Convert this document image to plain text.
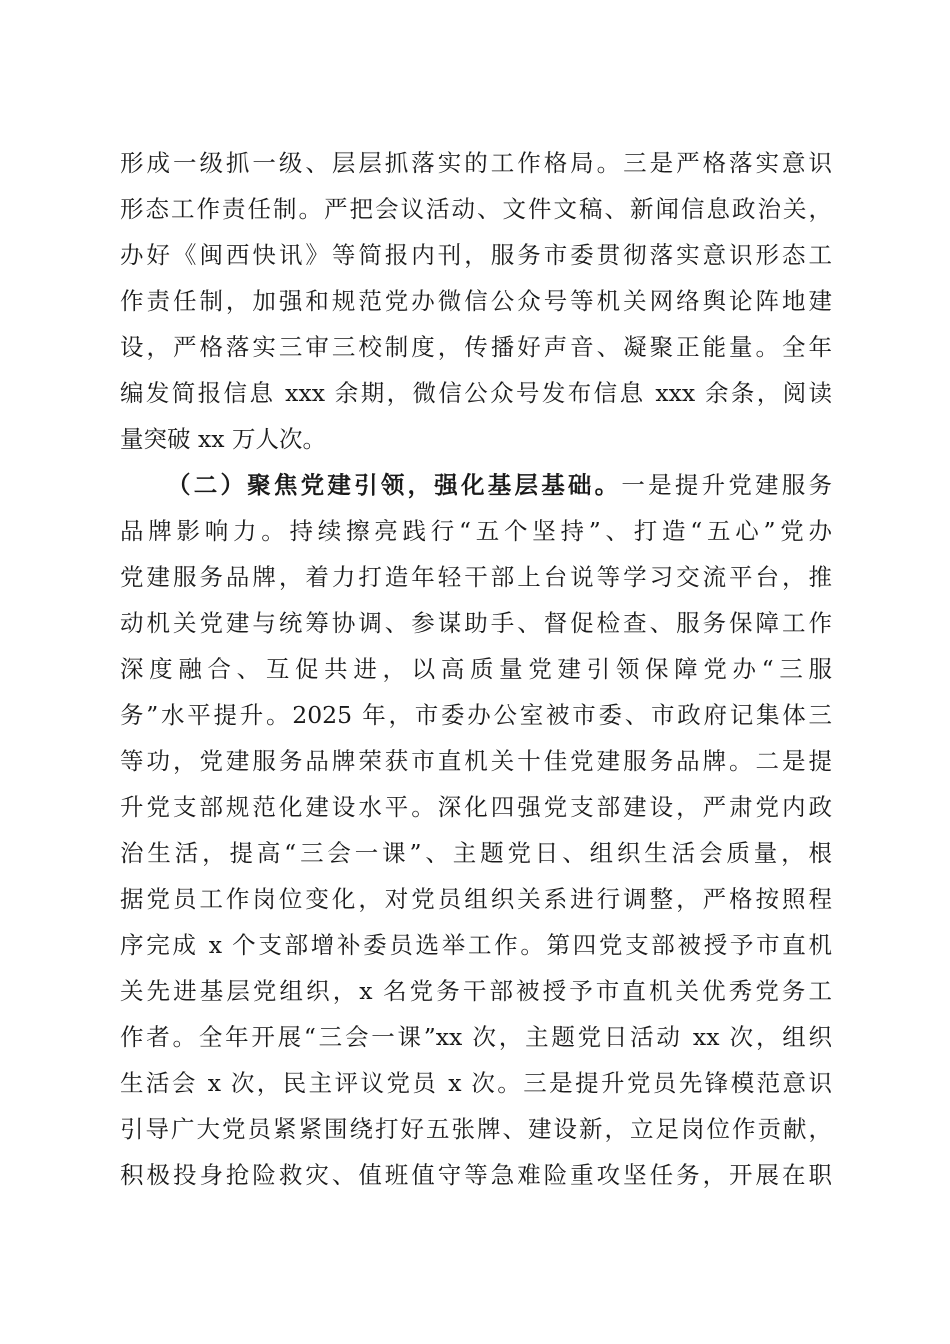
形成一级抓一级、层层抓落实的工作格局。三是严格落实意识
形态工作责任制。严把会议活动、文件文稿、新闻信息政治关，
办好《闽西快讯》等简报内刊，服务市委贯彻落实意识形态工
作责任制，加强和规范党办微信公众号等机关网络舆论阵地建
设，严格落实三审三校制度，传播好声音、凝聚正能量。全年
编发简报信息 xxx 余期，微信公众号发布信息 xxx 余条，阅读
量突破 xx 万人次。
（二）聚焦党建引领，强化基层基础。一是提升党建服务
品牌影响力。持续擦亮践行“五个坚持”、打造“五心”党办
党建服务品牌，着力打造年轻干部上台说等学习交流平台，推
动机关党建与统筹协调、参谋助手、督促检查、服务保障工作
深度融合、互促共进，以高质量党建引领保障党办“三服
务”水平提升。2025 年，市委办公室被市委、市政府记集体三
等功，党建服务品牌荣获市直机关十佳党建服务品牌。二是提
升党支部规范化建设水平。深化四强党支部建设，严肃党内政
治生活，提高“三会一课”、主题党日、组织生活会质量，根
据党员工作岗位变化，对党员组织关系进行调整，严格按照程
序完成 x 个支部增补委员选举工作。第四党支部被授予市直机
关先进基层党组织，x 名党务干部被授予市直机关优秀党务工
作者。全年开展“三会一课”xx 次，主题党日活动 xx 次，组织
生活会 x 次，民主评议党员 x 次。三是提升党员先锋模范意识
引导广大党员紧紧围绕打好五张牌、建设新，立足岗位作贡献，
积极投身抢险救灾、值班值守等急难险重攻坚任务，开展在职
